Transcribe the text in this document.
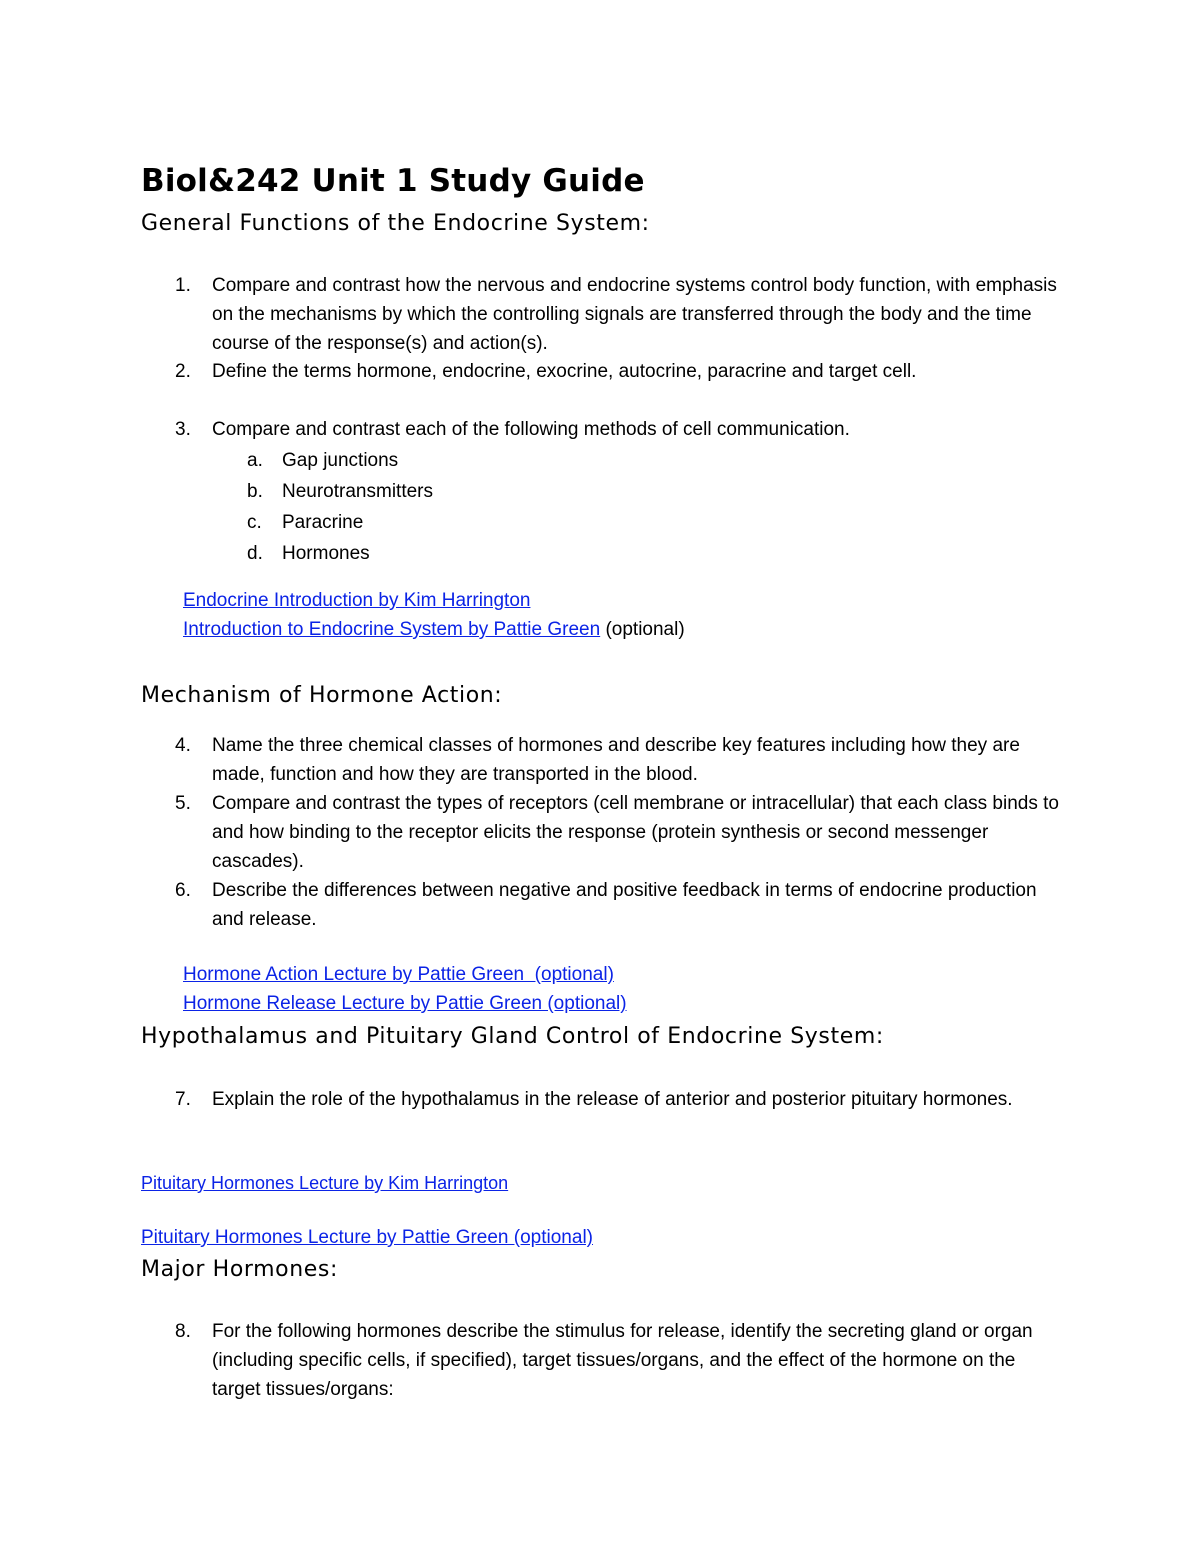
Biol&242 Unit 1 Study Guide
General Functions of the Endocrine System:
1. Compare and contrast how the nervous and endocrine systems control body function, with emphasis on the mechanisms by which the controlling signals are transferred through the body and the time course of the response(s) and action(s).
2. Define the terms hormone, endocrine, exocrine, autocrine, paracrine and target cell.
3. Compare and contrast each of the following methods of cell communication.
a. Gap junctions
b. Neurotransmitters
c. Paracrine
d. Hormones
Endocrine Introduction by Kim Harrington
Introduction to Endocrine System by Pattie Green (optional)
Mechanism of Hormone Action:
4. Name the three chemical classes of hormones and describe key features including how they are made, function and how they are transported in the blood.
5. Compare and contrast the types of receptors (cell membrane or intracellular) that each class binds to and how binding to the receptor elicits the response (protein synthesis or second messenger cascades).
6. Describe the differences between negative and positive feedback in terms of endocrine production and release.
Hormone Action Lecture by Pattie Green  (optional)
Hormone Release Lecture by Pattie Green (optional)
Hypothalamus and Pituitary Gland Control of Endocrine System:
7. Explain the role of the hypothalamus in the release of anterior and posterior pituitary hormones.
Pituitary Hormones Lecture by Kim Harrington
Pituitary Hormones Lecture by Pattie Green (optional)
Major Hormones:
8. For the following hormones describe the stimulus for release, identify the secreting gland or organ (including specific cells, if specified), target tissues/organs, and the effect of the hormone on the target tissues/organs:
